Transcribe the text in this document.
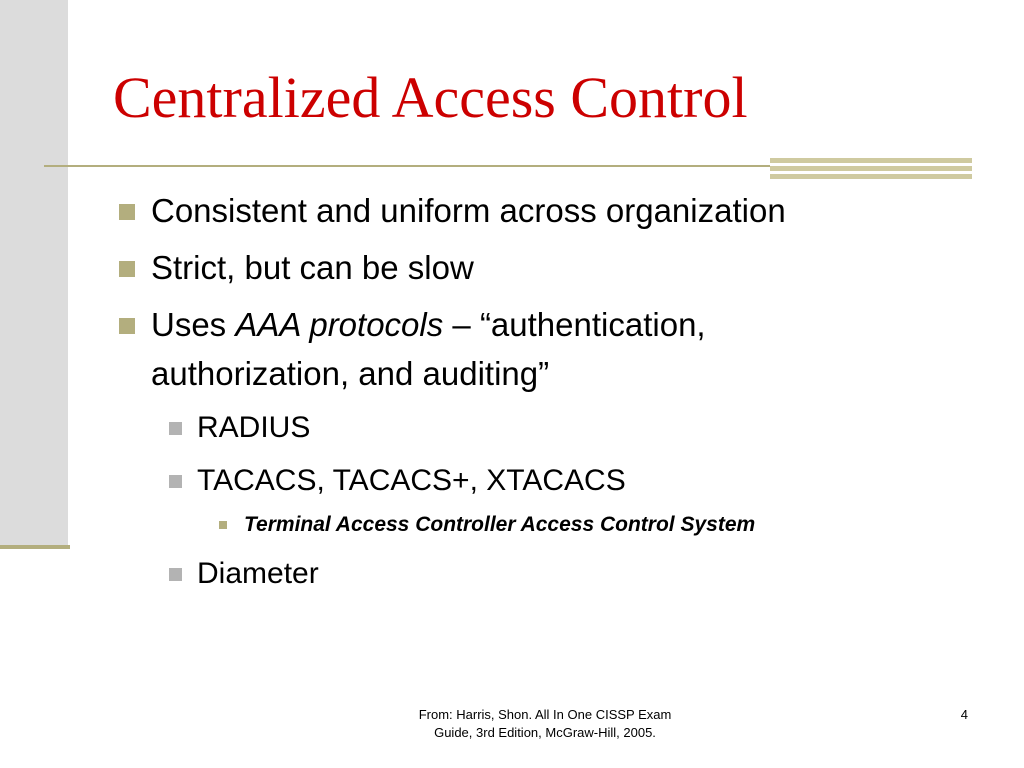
Centralized Access Control
Consistent and uniform across organization
Strict, but can be slow
Uses AAA protocols – “authentication,
authorization, and auditing”
RADIUS
TACACS, TACACS+, XTACACS
Terminal Access Controller Access Control System
Diameter
From: Harris, Shon. All In One CISSP Exam
Guide, 3rd Edition, McGraw-Hill, 2005.
4
